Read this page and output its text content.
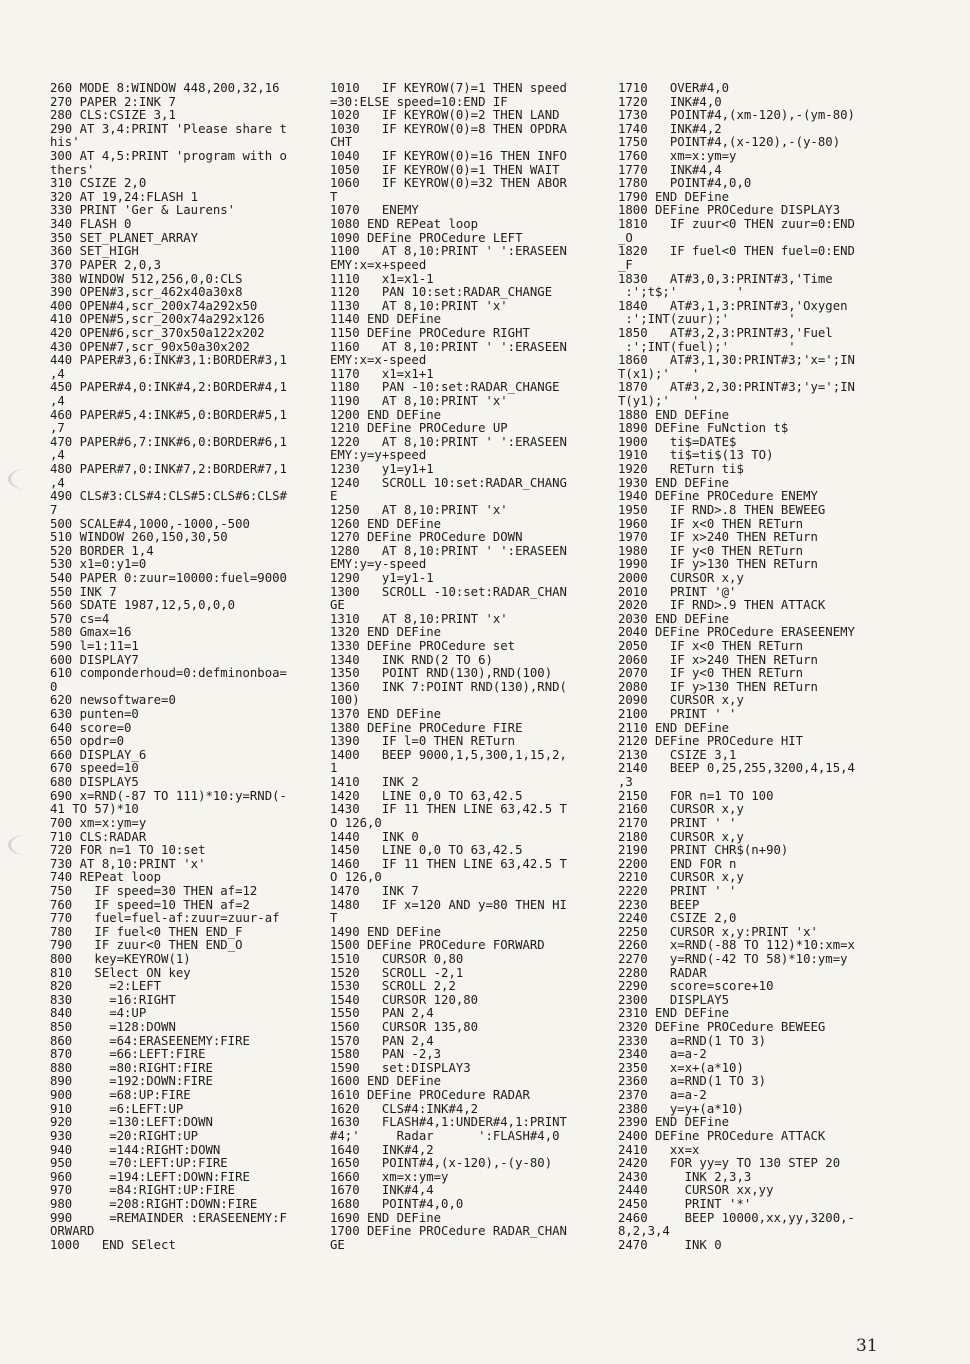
260 MODE 8:WINDOW 448,200,32,16
270 PAPER 2:INK 7
280 CLS:CSIZE 3,1
290 AT 3,4:PRINT 'Please share t
his'
300 AT 4,5:PRINT 'program with o
thers'
310 CSIZE 2,0
320 AT 19,24:FLASH 1
330 PRINT 'Ger & Laurens'
340 FLASH 0
350 SET_PLANET_ARRAY
360 SET_HIGH
370 PAPER 2,0,3
380 WINDOW 512,256,0,0:CLS
390 OPEN#3,scr_462x40a30x8
400 OPEN#4,scr_200x74a292x50
410 OPEN#5,scr_200x74a292x126
420 OPEN#6,scr_370x50a122x202
430 OPEN#7,scr_90x50a30x202
440 PAPER#3,6:INK#3,1:BORDER#3,1
,4
450 PAPER#4,0:INK#4,2:BORDER#4,1
,4
460 PAPER#5,4:INK#5,0:BORDER#5,1
,7
470 PAPER#6,7:INK#6,0:BORDER#6,1
,4
480 PAPER#7,0:INK#7,2:BORDER#7,1
,4
490 CLS#3:CLS#4:CLS#5:CLS#6:CLS#
7
500 SCALE#4,1000,-1000,-500
510 WINDOW 260,150,30,50
520 BORDER 1,4
530 x1=0:y1=0
540 PAPER 0:zuur=10000:fuel=9000
550 INK 7
560 SDATE 1987,12,5,0,0,0
570 cs=4
580 Gmax=16
590 l=1:11=1
600 DISPLAY7
610 componderhoud=0:defminonboa=
0
620 newsoftware=0
630 punten=0
640 score=0
650 opdr=0
660 DISPLAY_6
670 speed=10
680 DISPLAY5
690 x=RND(-87 TO 111)*10:y=RND(-
41 TO 57)*10
700 xm=x:ym=y
710 CLS:RADAR
720 FOR n=1 TO 10:set
730 AT 8,10:PRINT 'x'
740 REPeat loop
750   IF speed=30 THEN af=12
760   IF speed=10 THEN af=2
770   fuel=fuel-af:zuur=zuur-af
780   IF fuel<0 THEN END_F
790   IF zuur<0 THEN END_O
800   key=KEYROW(1)
810   SElect ON key
820     =2:LEFT
830     =16:RIGHT
840     =4:UP
850     =128:DOWN
860     =64:ERASEENEMY:FIRE
870     =66:LEFT:FIRE
880     =80:RIGHT:FIRE
890     =192:DOWN:FIRE
900     =68:UP:FIRE
910     =6:LEFT:UP
920     =130:LEFT:DOWN
930     =20:RIGHT:UP
940     =144:RIGHT:DOWN
950     =70:LEFT:UP:FIRE
960     =194:LEFT:DOWN:FIRE
970     =84:RIGHT:UP:FIRE
980     =208:RIGHT:DOWN:FIRE
990     =REMAINDER :ERASEENEMY:F
ORWARD
1000   END SElect
1010   IF KEYROW(7)=1 THEN speed
=30:ELSE speed=10:END IF
1020   IF KEYROW(0)=2 THEN LAND
1030   IF KEYROW(0)=8 THEN OPDRA
CHT
1040   IF KEYROW(0)=16 THEN INFO
1050   IF KEYROW(0)=1 THEN WAIT
1060   IF KEYROW(0)=32 THEN ABOR
T
1070   ENEMY
1080 END REPeat loop
1090 DEFine PROCedure LEFT
1100   AT 8,10:PRINT ' ':ERASEEN
EMY:x=x+speed
1110   x1=x1-1
1120   PAN 10:set:RADAR_CHANGE
1130   AT 8,10:PRINT 'x'
1140 END DEFine
1150 DEFine PROCedure RIGHT
1160   AT 8,10:PRINT ' ':ERASEEN
EMY:x=x-speed
1170   x1=x1+1
1180   PAN -10:set:RADAR_CHANGE
1190   AT 8,10:PRINT 'x'
1200 END DEFine
1210 DEFine PROCedure UP
1220   AT 8,10:PRINT ' ':ERASEEN
EMY:y=y+speed
1230   y1=y1+1
1240   SCROLL 10:set:RADAR_CHANG
E
1250   AT 8,10:PRINT 'x'
1260 END DEFine
1270 DEFine PROCedure DOWN
1280   AT 8,10:PRINT ' ':ERASEEN
EMY:y=y-speed
1290   y1=y1-1
1300   SCROLL -10:set:RADAR_CHAN
GE
1310   AT 8,10:PRINT 'x'
1320 END DEFine
1330 DEFine PROCedure set
1340   INK RND(2 TO 6)
1350   POINT RND(130),RND(100)
1360   INK 7:POINT RND(130),RND(
100)
1370 END DEFine
1380 DEFine PROCedure FIRE
1390   IF l=0 THEN RETurn
1400   BEEP 9000,1,5,300,1,15,2,
1
1410   INK 2
1420   LINE 0,0 TO 63,42.5
1430   IF 11 THEN LINE 63,42.5 T
O 126,0
1440   INK 0
1450   LINE 0,0 TO 63,42.5
1460   IF 11 THEN LINE 63,42.5 T
O 126,0
1470   INK 7
1480   IF x=120 AND y=80 THEN HI
T
1490 END DEFine
1500 DEFine PROCedure FORWARD
1510   CURSOR 0,80
1520   SCROLL -2,1
1530   SCROLL 2,2
1540   CURSOR 120,80
1550   PAN 2,4
1560   CURSOR 135,80
1570   PAN 2,4
1580   PAN -2,3
1590   set:DISPLAY3
1600 END DEFine
1610 DEFine PROCedure RADAR
1620   CLS#4:INK#4,2
1630   FLASH#4,1:UNDER#4,1:PRINT
#4;'     Radar      ':FLASH#4,0
1640   INK#4,2
1650   POINT#4,(x-120),-(y-80)
1660   xm=x:ym=y
1670   INK#4,4
1680   POINT#4,0,0
1690 END DEFine
1700 DEFine PROCedure RADAR_CHAN
GE
1710   OVER#4,0
1720   INK#4,0
1730   POINT#4,(xm-120),-(ym-80)
1740   INK#4,2
1750   POINT#4,(x-120),-(y-80)
1760   xm=x:ym=y
1770   INK#4,4
1780   POINT#4,0,0
1790 END DEFine
1800 DEFine PROCedure DISPLAY3
1810   IF zuur<0 THEN zuur=0:END
_O
1820   IF fuel<0 THEN fuel=0:END
_F
1830   AT#3,0,3:PRINT#3,'Time
:';t$;'        '
1840   AT#3,1,3:PRINT#3,'Oxygen
:';INT(zuur);'        '
1850   AT#3,2,3:PRINT#3,'Fuel
:';INT(fuel);'        '
1860   AT#3,1,30:PRINT#3;'x=';IN
T(x1);'   '
1870   AT#3,2,30:PRINT#3;'y=';IN
T(y1);'   '
1880 END DEFine
1890 DEFine FuNction t$
1900   ti$=DATE$
1910   ti$=ti$(13 TO)
1920   RETurn ti$
1930 END DEFine
1940 DEFine PROCedure ENEMY
1950   IF RND>.8 THEN BEWEEG
1960   IF x<0 THEN RETurn
1970   IF x>240 THEN RETurn
1980   IF y<0 THEN RETurn
1990   IF y>130 THEN RETurn
2000   CURSOR x,y
2010   PRINT '@'
2020   IF RND>.9 THEN ATTACK
2030 END DEFine
2040 DEFine PROCedure ERASEENEMY
2050   IF x<0 THEN RETurn
2060   IF x>240 THEN RETurn
2070   IF y<0 THEN RETurn
2080   IF y>130 THEN RETurn
2090   CURSOR x,y
2100   PRINT ' '
2110 END DEFine
2120 DEFine PROCedure HIT
2130   CSIZE 3,1
2140   BEEP 0,25,255,3200,4,15,4
,3
2150   FOR n=1 TO 100
2160   CURSOR x,y
2170   PRINT ' '
2180   CURSOR x,y
2190   PRINT CHR$(n+90)
2200   END FOR n
2210   CURSOR x,y
2220   PRINT ' '
2230   BEEP
2240   CSIZE 2,0
2250   CURSOR x,y:PRINT 'x'
2260   x=RND(-88 TO 112)*10:xm=x
2270   y=RND(-42 TO 58)*10:ym=y
2280   RADAR
2290   score=score+10
2300   DISPLAY5
2310 END DEFine
2320 DEFine PROCedure BEWEEG
2330   a=RND(1 TO 3)
2340   a=a-2
2350   x=x+(a*10)
2360   a=RND(1 TO 3)
2370   a=a-2
2380   y=y+(a*10)
2390 END DEFine
2400 DEFine PROCedure ATTACK
2410   xx=x
2420   FOR yy=y TO 130 STEP 20
2430     INK 2,3,3
2440     CURSOR xx,yy
2450     PRINT '*'
2460     BEEP 10000,xx,yy,3200,-
8,2,3,4
2470     INK 0
31
